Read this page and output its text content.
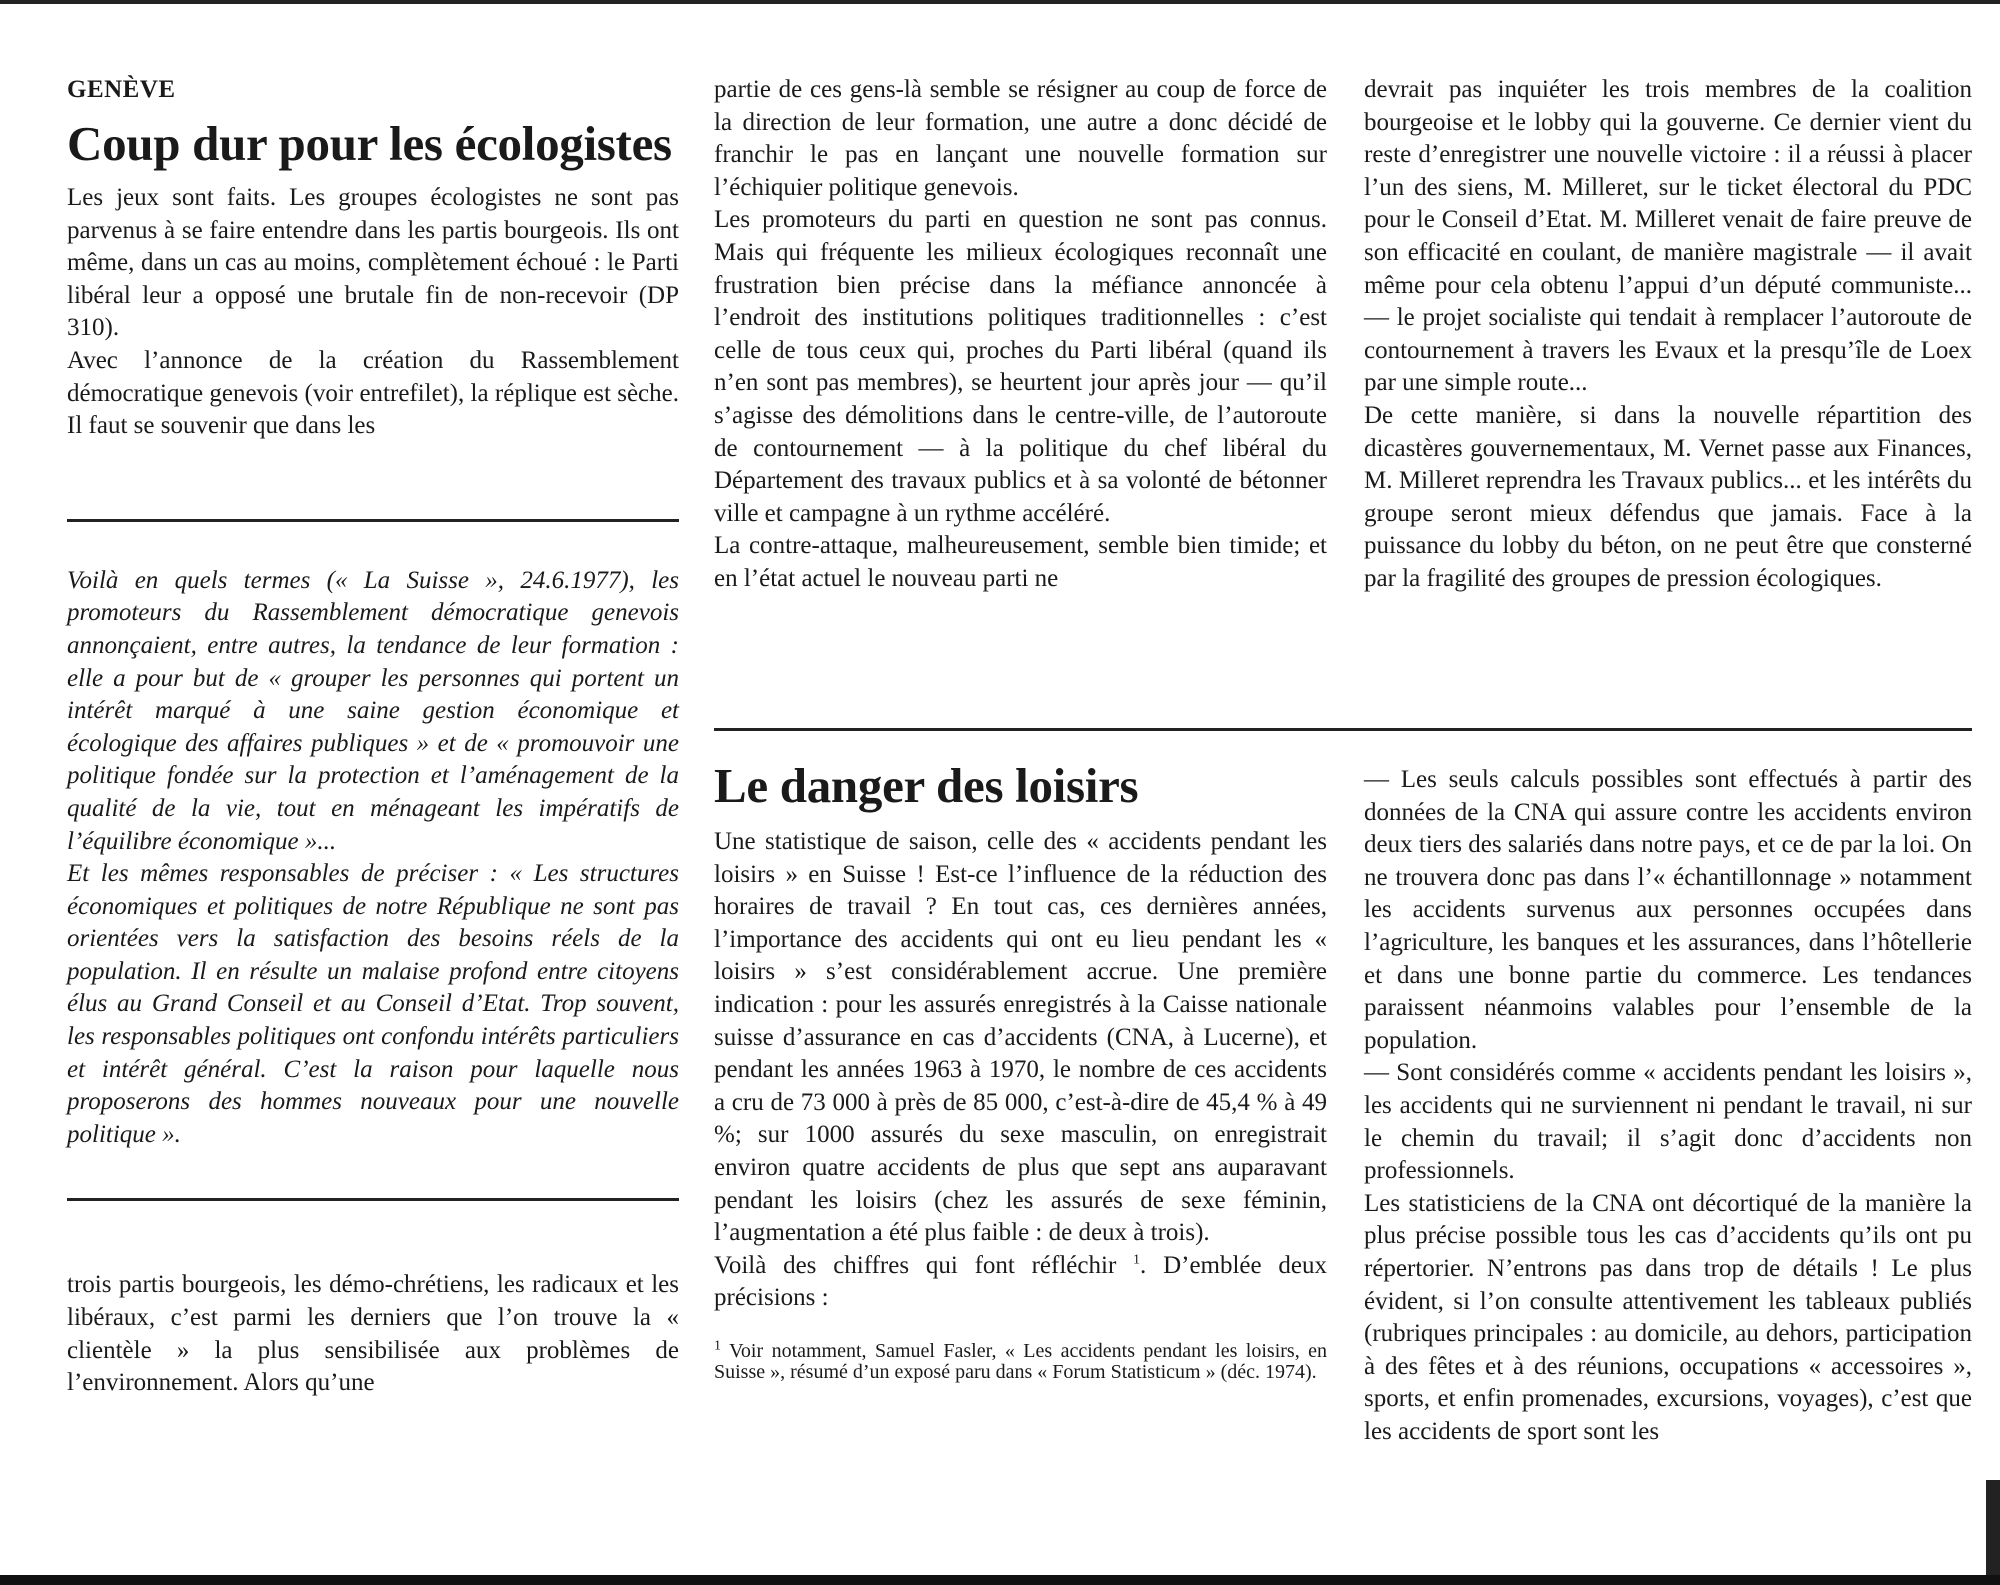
GENÈVE
Coup dur pour les écologistes

Les jeux sont faits. Les groupes écologistes ne sont pas parvenus à se faire entendre dans les partis bourgeois. Ils ont même, dans un cas au moins, complètement échoué : le Parti libéral leur a opposé une brutale fin de non-recevoir (DP 310).

Avec l’annonce de la création du Rassemblement démocratique genevois (voir entrefilet), la réplique est sèche. Il faut se souvenir que dans les

Voilà en quels termes (« La Suisse », 24.6.1977), les promoteurs du Rassemblement démocratique genevois annonçaient, entre autres, la tendance de leur formation : elle a pour but de « grouper les personnes qui portent un intérêt marqué à une saine gestion économique et écologique des affaires publiques » et de « promouvoir une politique fondée sur la protection et l’aménagement de la qualité de la vie, tout en ménageant les impératifs de l’équilibre économique »...

Et les mêmes responsables de préciser : « Les structures économiques et politiques de notre République ne sont pas orientées vers la satisfaction des besoins réels de la population. Il en résulte un malaise profond entre citoyens élus au Grand Conseil et au Conseil d’Etat. Trop souvent, les responsables politiques ont confondu intérêts particuliers et intérêt général. C’est la raison pour laquelle nous proposerons des hommes nouveaux pour une nouvelle politique ».

trois partis bourgeois, les démo-chrétiens, les radicaux et les libéraux, c’est parmi les derniers que l’on trouve la « clientèle » la plus sensibilisée aux problèmes de l’environnement. Alors qu’une

partie de ces gens-là semble se résigner au coup de force de la direction de leur formation, une autre a donc décidé de franchir le pas en lançant une nouvelle formation sur l’échiquier politique genevois.

Les promoteurs du parti en question ne sont pas connus. Mais qui fréquente les milieux écologiques reconnaît une frustration bien précise dans la méfiance annoncée à l’endroit des institutions politiques traditionnelles : c’est celle de tous ceux qui, proches du Parti libéral (quand ils n’en sont pas membres), se heurtent jour après jour — qu’il s’agisse des démolitions dans le centre-ville, de l’autoroute de contournement — à la politique du chef libéral du Département des travaux publics et à sa volonté de bétonner ville et campagne à un rythme accéléré.

La contre-attaque, malheureusement, semble bien timide; et en l’état actuel le nouveau parti ne

devrait pas inquiéter les trois membres de la coalition bourgeoise et le lobby qui la gouverne. Ce dernier vient du reste d’enregistrer une nouvelle victoire : il a réussi à placer l’un des siens, M. Milleret, sur le ticket électoral du PDC pour le Conseil d’Etat. M. Milleret venait de faire preuve de son efficacité en coulant, de manière magistrale — il avait même pour cela obtenu l’appui d’un député communiste... — le projet socialiste qui tendait à remplacer l’autoroute de contournement à travers les Evaux et la presqu’île de Loex par une simple route...

De cette manière, si dans la nouvelle répartition des dicastères gouvernementaux, M. Vernet passe aux Finances, M. Milleret reprendra les Travaux publics... et les intérêts du groupe seront mieux défendus que jamais. Face à la puissance du lobby du béton, on ne peut être que consterné par la fragilité des groupes de pression écologiques.

Le danger des loisirs

Une statistique de saison, celle des « accidents pendant les loisirs » en Suisse ! Est-ce l’influence de la réduction des horaires de travail ? En tout cas, ces dernières années, l’importance des accidents qui ont eu lieu pendant les « loisirs » s’est considérablement accrue. Une première indication : pour les assurés enregistrés à la Caisse nationale suisse d’assurance en cas d’accidents (CNA, à Lucerne), et pendant les années 1963 à 1970, le nombre de ces accidents a cru de 73 000 à près de 85 000, c’est-à-dire de 45,4 % à 49 %; sur 1000 assurés du sexe masculin, on enregistrait environ quatre accidents de plus que sept ans auparavant pendant les loisirs (chez les assurés de sexe féminin, l’augmentation a été plus faible : de deux à trois).

Voilà des chiffres qui font réfléchir $^1$. D’emblée deux précisions :

$^1$ Voir notamment, Samuel Fasler, « Les accidents pendant les loisirs, en Suisse », résumé d’un exposé paru dans « Forum Statisticum » (déc. 1974).

— Les seuls calculs possibles sont effectués à partir des données de la CNA qui assure contre les accidents environ deux tiers des salariés dans notre pays, et ce de par la loi. On ne trouvera donc pas dans l’« échantillonnage » notamment les accidents survenus aux personnes occupées dans l’agriculture, les banques et les assurances, dans l’hôtellerie et dans une bonne partie du commerce. Les tendances paraissent néanmoins valables pour l’ensemble de la population.

— Sont considérés comme « accidents pendant les loisirs », les accidents qui ne surviennent ni pendant le travail, ni sur le chemin du travail; il s’agit donc d’accidents non professionnels.

Les statisticiens de la CNA ont décortiqué de la manière la plus précise possible tous les cas d’accidents qu’ils ont pu répertorier. N’entrons pas dans trop de détails ! Le plus évident, si l’on consulte attentivement les tableaux publiés (rubriques principales : au domicile, au dehors, participation à des fêtes et à des réunions, occupations « accessoires », sports, et enfin promenades, excursions, voyages), c’est que les accidents de sport sont les
